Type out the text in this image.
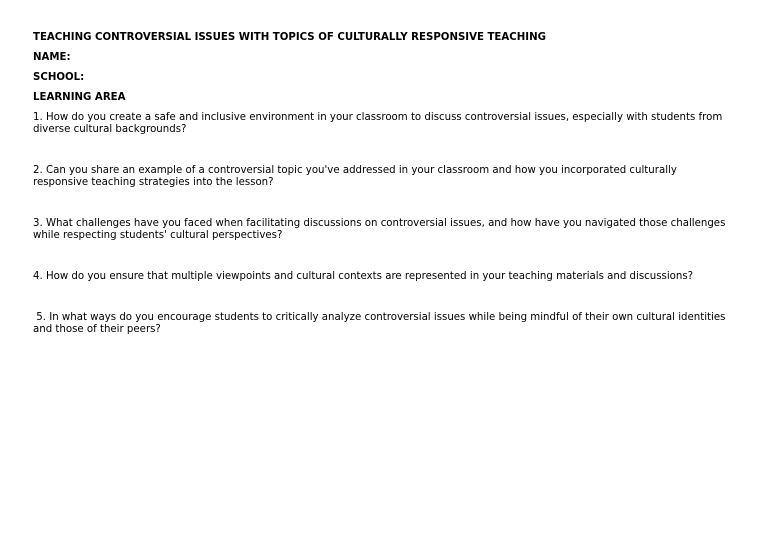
TEACHING CONTROVERSIAL ISSUES WITH TOPICS OF CULTURALLY RESPONSIVE TEACHING

NAME:

SCHOOL:

LEARNING AREA

1. How do you create a safe and inclusive environment in your classroom to discuss controversial issues, especially with students from diverse cultural backgrounds?

2. Can you share an example of a controversial topic you've addressed in your classroom and how you incorporated culturally responsive teaching strategies into the lesson?

3. What challenges have you faced when facilitating discussions on controversial issues, and how have you navigated those challenges while respecting students' cultural perspectives?

4. How do you ensure that multiple viewpoints and cultural contexts are represented in your teaching materials and discussions?

5. In what ways do you encourage students to critically analyze controversial issues while being mindful of their own cultural identities and those of their peers?
